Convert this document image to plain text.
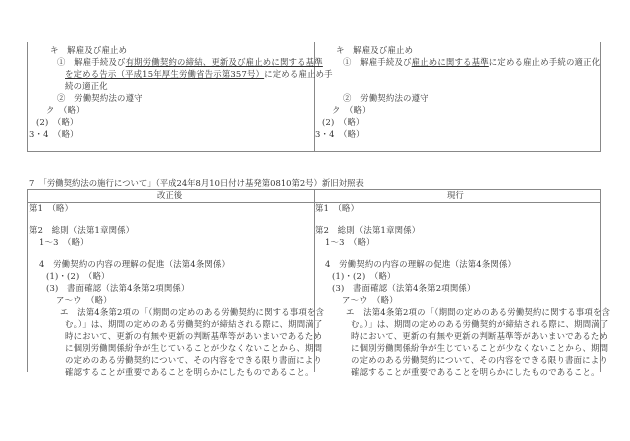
キ　解雇及び雇止め
①　解雇手続及び有期労働契約の締結、更新及び雇止めに関する基準
を定める告示（平成15年厚生労働省告示第357号）に定める雇止め手
続の適正化
②　労働契約法の遵守
ク　（略）
(2)　（略）
3・4　（略）
キ　解雇及び雇止め
①　解雇手続及び雇止めに関する基準に定める雇止め手続の適正化
②　労働契約法の遵守
ク　（略）
(2)　（略）
3・4　（略）
7　「労働契約法の施行について」（平成24年8月10日付け基発第0810第2号）新旧対照表
第1　（略）
第2　総則（法第1章関係）
1〜3　（略）
4　労働契約の内容の理解の促進（法第4条関係）
(1)・(2)　（略）
(3)　書面確認（法第4条第2項関係）
ア〜ウ　（略）
エ　法第4条第2項の「（期間の定めのある労働契約に関する事項を含
む。）」は、期間の定めのある労働契約が締結される際に、期間満了
時において、更新の有無や更新の判断基準等があいまいであるため
に個別労働関係紛争が生じていることが少なくないことから、期間
の定めのある労働契約について、その内容をできる限り書面により
確認することが重要であることを明らかにしたものであること。
第1　（略）
第2　総則（法第1章関係）
1〜3　（略）
4　労働契約の内容の理解の促進（法第4条関係）
(1)・(2)　（略）
(3)　書面確認（法第4条第2項関係）
ア〜ウ　（略）
エ　法第4条第2項の「（期間の定めのある労働契約に関する事項を含
む。）」は、期間の定めのある労働契約が締結される際に、期間満了
時において、更新の有無や更新の判断基準等があいまいであるため
に個別労働関係紛争が生じていることが少なくないことから、期間
の定めのある労働契約について、その内容をできる限り書面により
確認することが重要であることを明らかにしたものであること。
改正後	現行
